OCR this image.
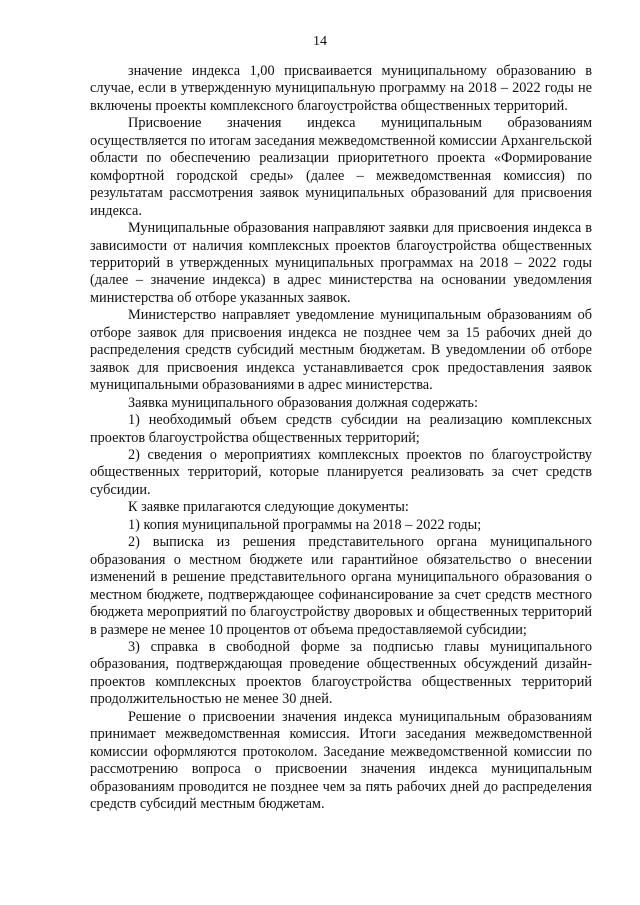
14

значение индекса 1,00 присваивается муниципальному образованию в случае, если в утвержденную муниципальную программу на 2018 – 2022 годы не включены проекты комплексного благоустройства общественных территорий.

Присвоение значения индекса муниципальным образованиям осуществляется по итогам заседания межведомственной комиссии Архангельской области по обеспечению реализации приоритетного проекта «Формирование комфортной городской среды» (далее – межведомственная комиссия) по результатам рассмотрения заявок муниципальных образований для присвоения индекса.

Муниципальные образования направляют заявки для присвоения индекса в зависимости от наличия комплексных проектов благоустройства общественных территорий в утвержденных муниципальных программах на 2018 – 2022 годы (далее – значение индекса) в адрес министерства на основании уведомления министерства об отборе указанных заявок.

Министерство направляет уведомление муниципальным образованиям об отборе заявок для присвоения индекса не позднее чем за 15 рабочих дней до распределения средств субсидий местным бюджетам. В уведомлении об отборе заявок для присвоения индекса устанавливается срок предоставления заявок муниципальными образованиями в адрес министерства.

Заявка муниципального образования должная содержать:

1) необходимый объем средств субсидии на реализацию комплексных проектов благоустройства общественных территорий;

2) сведения о мероприятиях комплексных проектов по благоустройству общественных территорий, которые планируется реализовать за счет средств субсидии.

К заявке прилагаются следующие документы:

1) копия муниципальной программы на 2018 – 2022 годы;

2) выписка из решения представительного органа муниципального образования о местном бюджете или гарантийное обязательство о внесении изменений в решение представительного органа муниципального образования о местном бюджете, подтверждающее софинансирование за счет средств местного бюджета мероприятий по благоустройству дворовых и общественных территорий в размере не менее 10 процентов от объема предоставляемой субсидии;

3) справка в свободной форме за подписью главы муниципального образования, подтверждающая проведение общественных обсуждений дизайн-проектов комплексных проектов благоустройства общественных территорий продолжительностью не менее 30 дней.

Решение о присвоении значения индекса муниципальным образованиям принимает межведомственная комиссия. Итоги заседания межведомственной комиссии оформляются протоколом. Заседание межведомственной комиссии по рассмотрению вопроса о присвоении значения индекса муниципальным образованиям проводится не позднее чем за пять рабочих дней до распределения средств субсидий местным бюджетам.
